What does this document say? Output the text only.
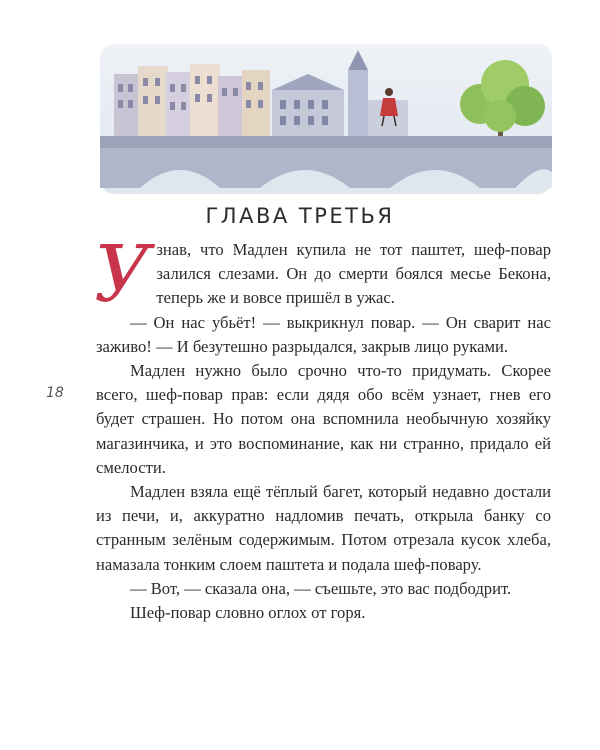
ГЛАВА ТРЕТЬЯ
18

Узнав, что Мадлен купила не тот паштет, шеф-повар залился слезами. Он до смерти боялся месье Бекона, теперь же и вовсе пришёл в ужас.

— Он нас убьёт! — выкрикнул повар. — Он сварит нас заживо! — И безутешно разрыдался, закрыв лицо руками.

Мадлен нужно было срочно что-то придумать. Скорее всего, шеф-повар прав: если дядя обо всём узнает, гнев его будет страшен. Но потом она вспомнила необычную хозяйку магазинчика, и это воспоминание, как ни странно, придало ей смелости.

Мадлен взяла ещё тёплый багет, который недавно достали из печи, и, аккуратно надломив печать, открыла банку со странным зелёным содержимым. Потом отрезала кусок хлеба, намазала тонким слоем паштета и подала шеф-повару.

— Вот, — сказала она, — съешьте, это вас подбодрит.

Шеф-повар словно оглох от горя.
